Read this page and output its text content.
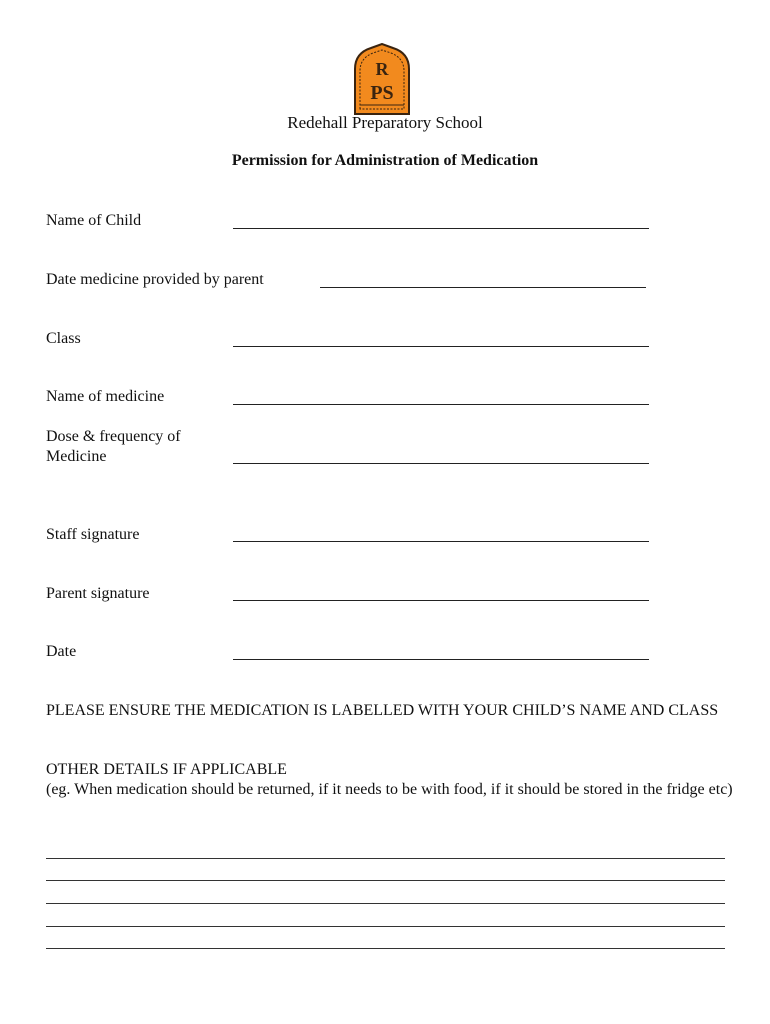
R
PS
Redehall Preparatory School
Permission for Administration of Medication
Name of Child
Date medicine provided by parent
Class
Name of medicine
Dose & frequency of Medicine
Staff signature
Parent signature
Date
PLEASE ENSURE THE MEDICATION IS LABELLED WITH YOUR CHILD’S NAME AND CLASS
OTHER DETAILS IF APPLICABLE
(eg. When medication should be returned, if it needs to be with food, if it should be stored in the fridge etc)
